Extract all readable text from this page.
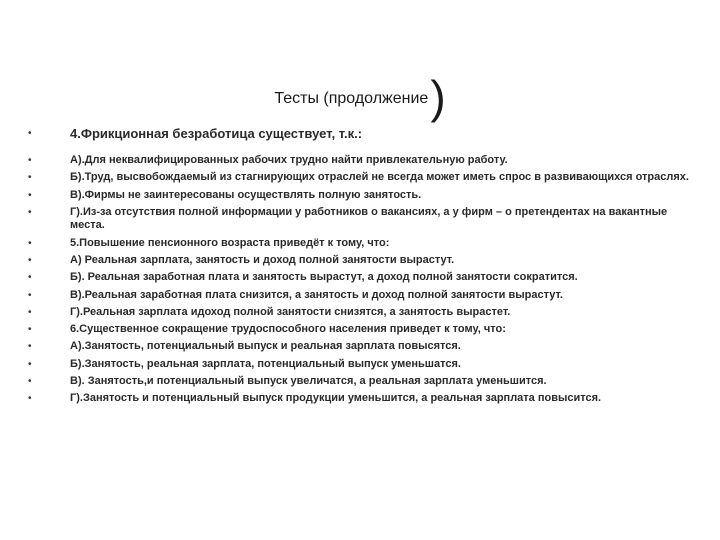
Тесты (продолжение )
• 4.Фрикционная безработица существует, т.к.:
• А).Для неквалифицированных рабочих трудно найти привлекательную работу.
• Б).Труд, высвобождаемый из стагнирующих отраслей не всегда может иметь спрос в развивающихся отраслях.
• В).Фирмы не заинтересованы осуществлять полную занятость.
• Г).Из-за отсутствия полной информации у работников о вакансиях, а у фирм – о претендентах на вакантные места.
• 5.Повышение пенсионного возраста приведёт к тому, что:
• А) Реальная зарплата, занятость и доход полной занятости вырастут.
• Б). Реальная заработная плата и занятость вырастут, а доход полной занятости сократится.
• В).Реальная заработная плата снизится, а занятость и доход полной занятости вырастут.
• Г).Реальная зарплата идоход полной занятости снизятся, а занятость вырастет.
• 6.Существенное сокращение трудоспособного населения приведет к тому, что:
• А).Занятость, потенциальный выпуск и реальная зарплата повысятся.
• Б).Занятость, реальная зарплата, потенциальный выпуск уменьшатся.
• В). Занятость,и потенциальный выпуск увеличатся, а реальная зарплата уменьшится.
• Г).Занятость и потенциальный выпуск продукции уменьшится, а реальная зарплата повысится.
